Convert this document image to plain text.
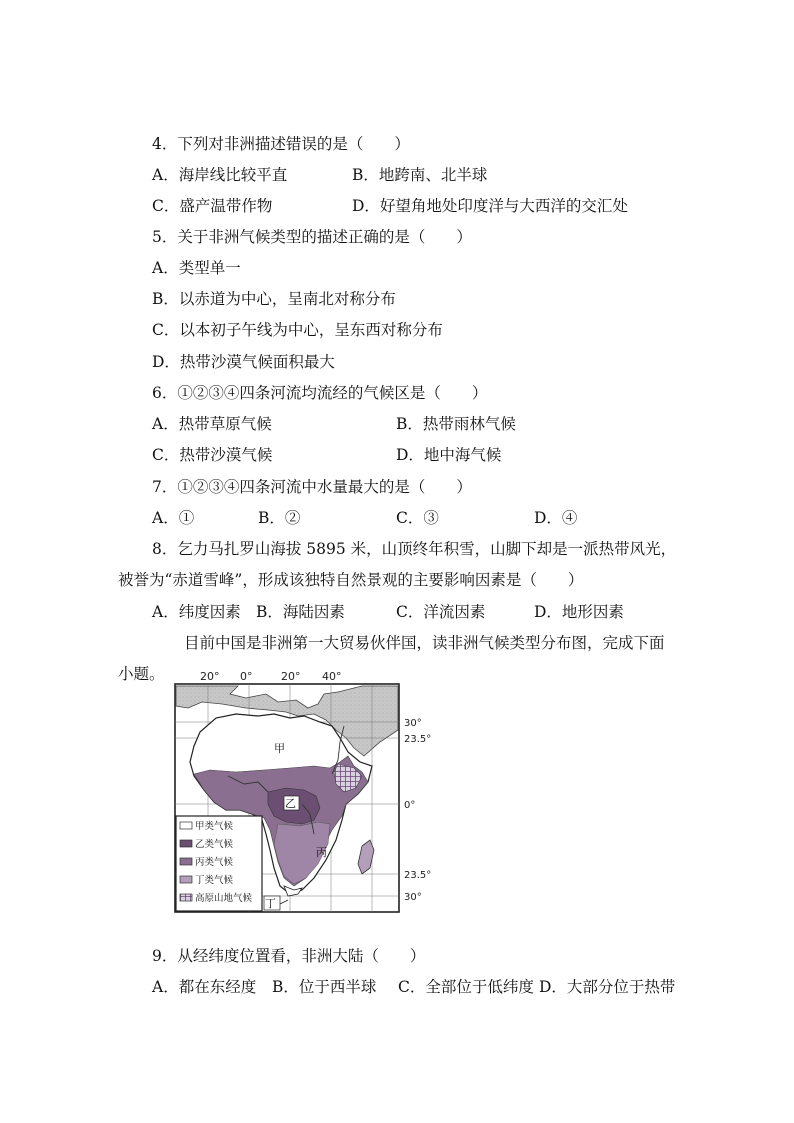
4．下列对非洲描述错误的是（　　）
A．海岸线比较平直	B．地跨南、北半球
C．盛产温带作物	D．好望角地处印度洋与大西洋的交汇处
5．关于非洲气候类型的描述正确的是（　　）
A．类型单一
B．以赤道为中心，呈南北对称分布
C．以本初子午线为中心，呈东西对称分布
D．热带沙漠气候面积最大
6．①②③④四条河流均流经的气候区是（　　）
A．热带草原气候	B．热带雨林气候
C．热带沙漠气候	D．地中海气候
7．①②③④四条河流中水量最大的是（　　）
A．①	B．②	C．③	D．④
8．乞力马扎罗山海拔 5895 米，山顶终年积雪，山脚下却是一派热带风光，
被誉为“赤道雪峰”，形成该独特自然景观的主要影响因素是（　　）
A．纬度因素 B．海陆因素	C．洋流因素	D．地形因素
目前中国是非洲第一大贸易伙伴国，读非洲气候类型分布图，完成下面
小题。	20° 0°	20° 40°
甲
乙
丙
丁
30°
23.5°
0°
23.5°
30°
甲类气候
乙类气候
丙类气候
丁类气候
高原山地气候
9．从经纬度位置看，非洲大陆（　　）
A．都在东经度 B．位于西半球 C．全部位于低纬度 D．大部分位于热带
